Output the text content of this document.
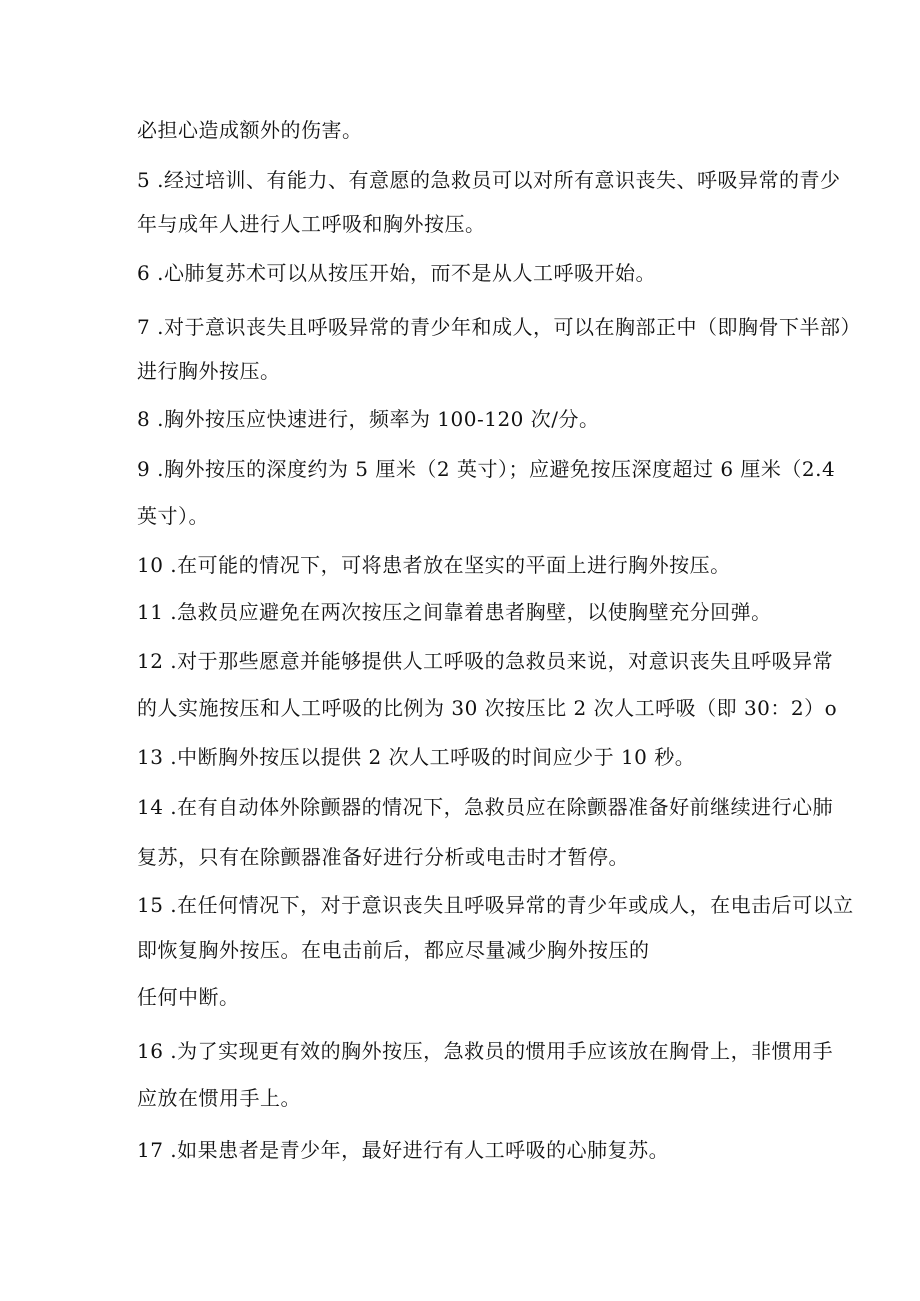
必担心造成额外的伤害。
5 .经过培训、有能力、有意愿的急救员可以对所有意识丧失、呼吸异常的青少
年与成年人进行人工呼吸和胸外按压。
6 .心肺复苏术可以从按压开始，而不是从人工呼吸开始。
7 .对于意识丧失且呼吸异常的青少年和成人，可以在胸部正中（即胸骨下半部）
进行胸外按压。
8 .胸外按压应快速进行，频率为 100-120 次/分。
9 .胸外按压的深度约为 5 厘米（2 英寸）；应避免按压深度超过 6 厘米（2.4
英寸）。
10 .在可能的情况下，可将患者放在坚实的平面上进行胸外按压。
11 .急救员应避免在两次按压之间靠着患者胸壁，以使胸壁充分回弹。
12 .对于那些愿意并能够提供人工呼吸的急救员来说，对意识丧失且呼吸异常
的人实施按压和人工呼吸的比例为 30 次按压比 2 次人工呼吸（即 30：2）o
13 .中断胸外按压以提供 2 次人工呼吸的时间应少于 10 秒。
14 .在有自动体外除颤器的情况下，急救员应在除颤器准备好前继续进行心肺
复苏，只有在除颤器准备好进行分析或电击时才暂停。
15 .在任何情况下，对于意识丧失且呼吸异常的青少年或成人，在电击后可以立
即恢复胸外按压。在电击前后，都应尽量减少胸外按压的
任何中断。
16 .为了实现更有效的胸外按压，急救员的惯用手应该放在胸骨上，非惯用手
应放在惯用手上。
17 .如果患者是青少年，最好进行有人工呼吸的心肺复苏。
